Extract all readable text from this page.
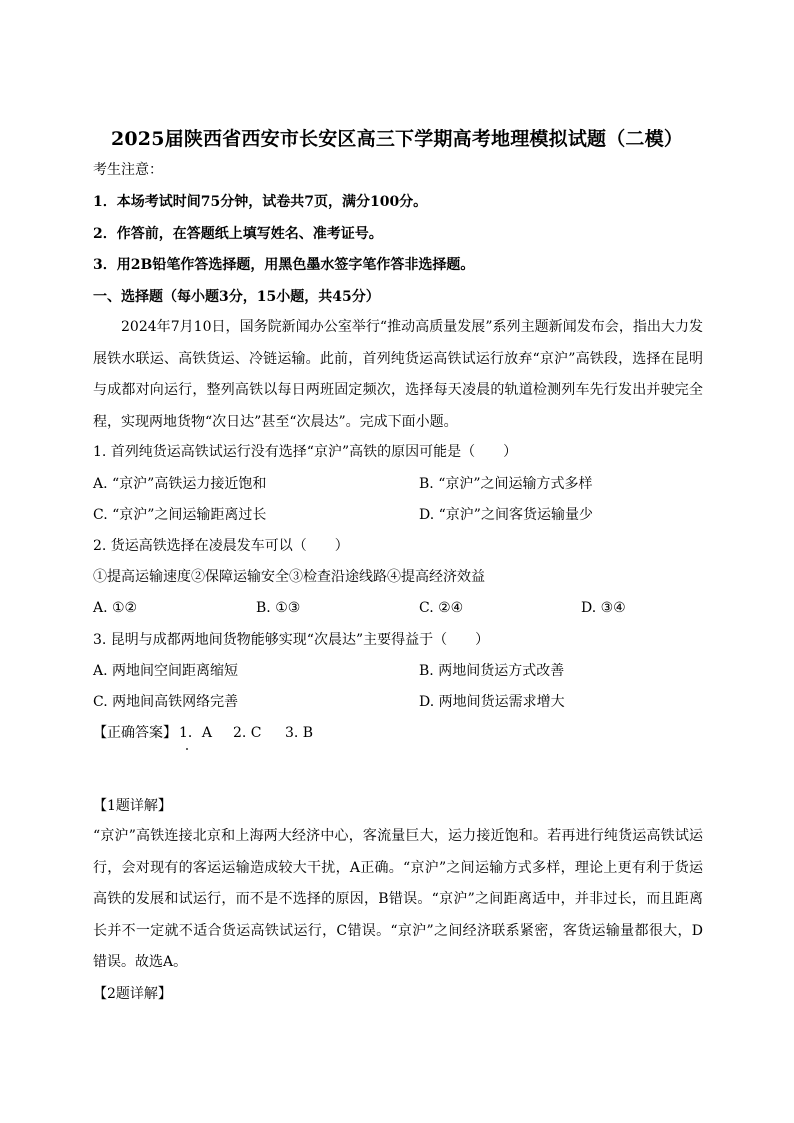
2025届陕西省西安市长安区高三下学期高考地理模拟试题（二模）
考生注意：
1．本场考试时间75分钟，试卷共7页，满分100分。
2．作答前，在答题纸上填写姓名、准考证号。
3．用2B铅笔作答选择题，用黑色墨水签字笔作答非选择题。
一、选择题（每小题3分，15小题，共45分）
2024年7月10日，国务院新闻办公室举行“推动高质量发展”系列主题新闻发布会，指出大力发展铁水联运、高铁货运、冷链运输。此前，首列纯货运高铁试运行放弃“京沪”高铁段，选择在昆明与成都对向运行，整列高铁以每日两班固定频次，选择每天凌晨的轨道检测列车先行发出并驶完全程，实现两地货物“次日达”甚至“次晨达”。完成下面小题。
1. 首列纯货运高铁试运行没有选择“京沪”高铁的原因可能是（　　）
A. “京沪”高铁运力接近饱和	B. “京沪”之间运输方式多样
C. “京沪”之间运输距离过长	D. “京沪”之间客货运输量少
2. 货运高铁选择在凌晨发车可以（　　）
①提高运输速度②保障运输安全③检查沿途线路④提高经济效益
A. ①②	B. ①③	C. ②④	D. ③④
3. 昆明与成都两地间货物能够实现“次晨达”主要得益于（　　）
A. 两地间空间距离缩短	B. 两地间货运方式改善
C. 两地间高铁网络完善	D. 两地间货运需求增大
【正确答案】 1．A 2. C 3. B
【1题详解】
“京沪”高铁连接北京和上海两大经济中心，客流量巨大，运力接近饱和。若再进行纯货运高铁试运行，会对现有的客运运输造成较大干扰，A正确。“京沪”之间运输方式多样，理论上更有利于货运高铁的发展和试运行，而不是不选择的原因，B错误。“京沪”之间距离适中，并非过长，而且距离长并不一定就不适合货运高铁试运行，C错误。“京沪”之间经济联系紧密，客货运输量都很大，D错误。故选A。
【2题详解】
